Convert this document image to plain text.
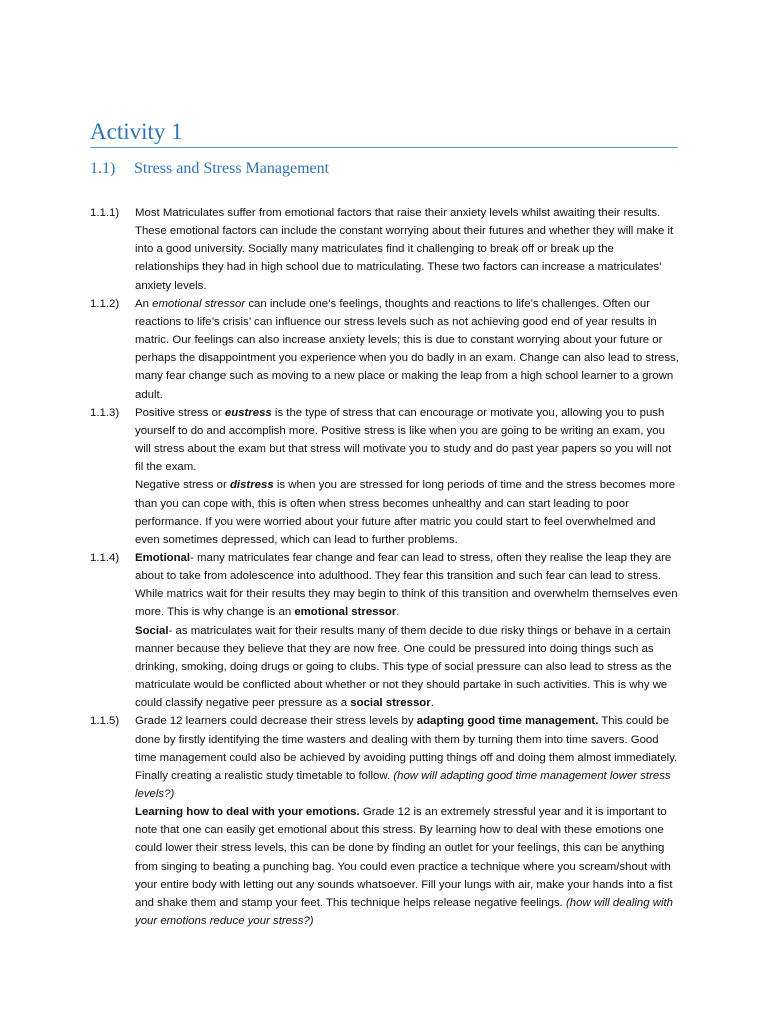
Activity 1
1.1) Stress and Stress Management
1.1.1)	Most Matriculates suffer from emotional factors that raise their anxiety levels whilst awaiting their results. These emotional factors can include the constant worrying about their futures and whether they will make it into a good university. Socially many matriculates find it challenging to break off or break up the relationships they had in high school due to matriculating. These two factors can increase a matriculates’ anxiety levels.

1.1.2)	An emotional stressor can include one’s feelings, thoughts and reactions to life’s challenges. Often our reactions to life’s crisis’ can influence our stress levels such as not achieving good end of year results in matric. Our feelings can also increase anxiety levels; this is due to constant worrying about your future or perhaps the disappointment you experience when you do badly in an exam. Change can also lead to stress, many fear change such as moving to a new place or making the leap from a high school learner to a grown adult.

1.1.3)	Positive stress or eustress is the type of stress that can encourage or motivate you, allowing you to push yourself to do and accomplish more. Positive stress is like when you are going to be writing an exam, you will stress about the exam but that stress will motivate you to study and do past year papers so you will not fil the exam.

Negative stress or distress is when you are stressed for long periods of time and the stress becomes more than you can cope with, this is often when stress becomes unhealthy and can start leading to poor performance. If you were worried about your future after matric you could start to feel overwhelmed and even sometimes depressed, which can lead to further problems.

1.1.4)	Emotional- many matriculates fear change and fear can lead to stress, often they realise the leap they are about to take from adolescence into adulthood. They fear this transition and such fear can lead to stress. While matrics wait for their results they may begin to think of this transition and overwhelm themselves even more. This is why change is an emotional stressor.

Social- as matriculates wait for their results many of them decide to due risky things or behave in a certain manner because they believe that they are now free. One could be pressured into doing things such as drinking, smoking, doing drugs or going to clubs. This type of social pressure can also lead to stress as the matriculate would be conflicted about whether or not they should partake in such activities. This is why we could classify negative peer pressure as a social stressor.

1.1.5)	Grade 12 learners could decrease their stress levels by adapting good time management. This could be done by firstly identifying the time wasters and dealing with them by turning them into time savers. Good time management could also be achieved by avoiding putting things off and doing them almost immediately. Finally creating a realistic study timetable to follow. (how will adapting good time management lower stress levels?)

Learning how to deal with your emotions. Grade 12 is an extremely stressful year and it is important to note that one can easily get emotional about this stress. By learning how to deal with these emotions one could lower their stress levels, this can be done by finding an outlet for your feelings, this can be anything from singing to beating a punching bag. You could even practice a technique where you scream/shout with your entire body with letting out any sounds whatsoever. Fill your lungs with air, make your hands into a fist and shake them and stamp your feet. This technique helps release negative feelings. (how will dealing with your emotions reduce your stress?)
